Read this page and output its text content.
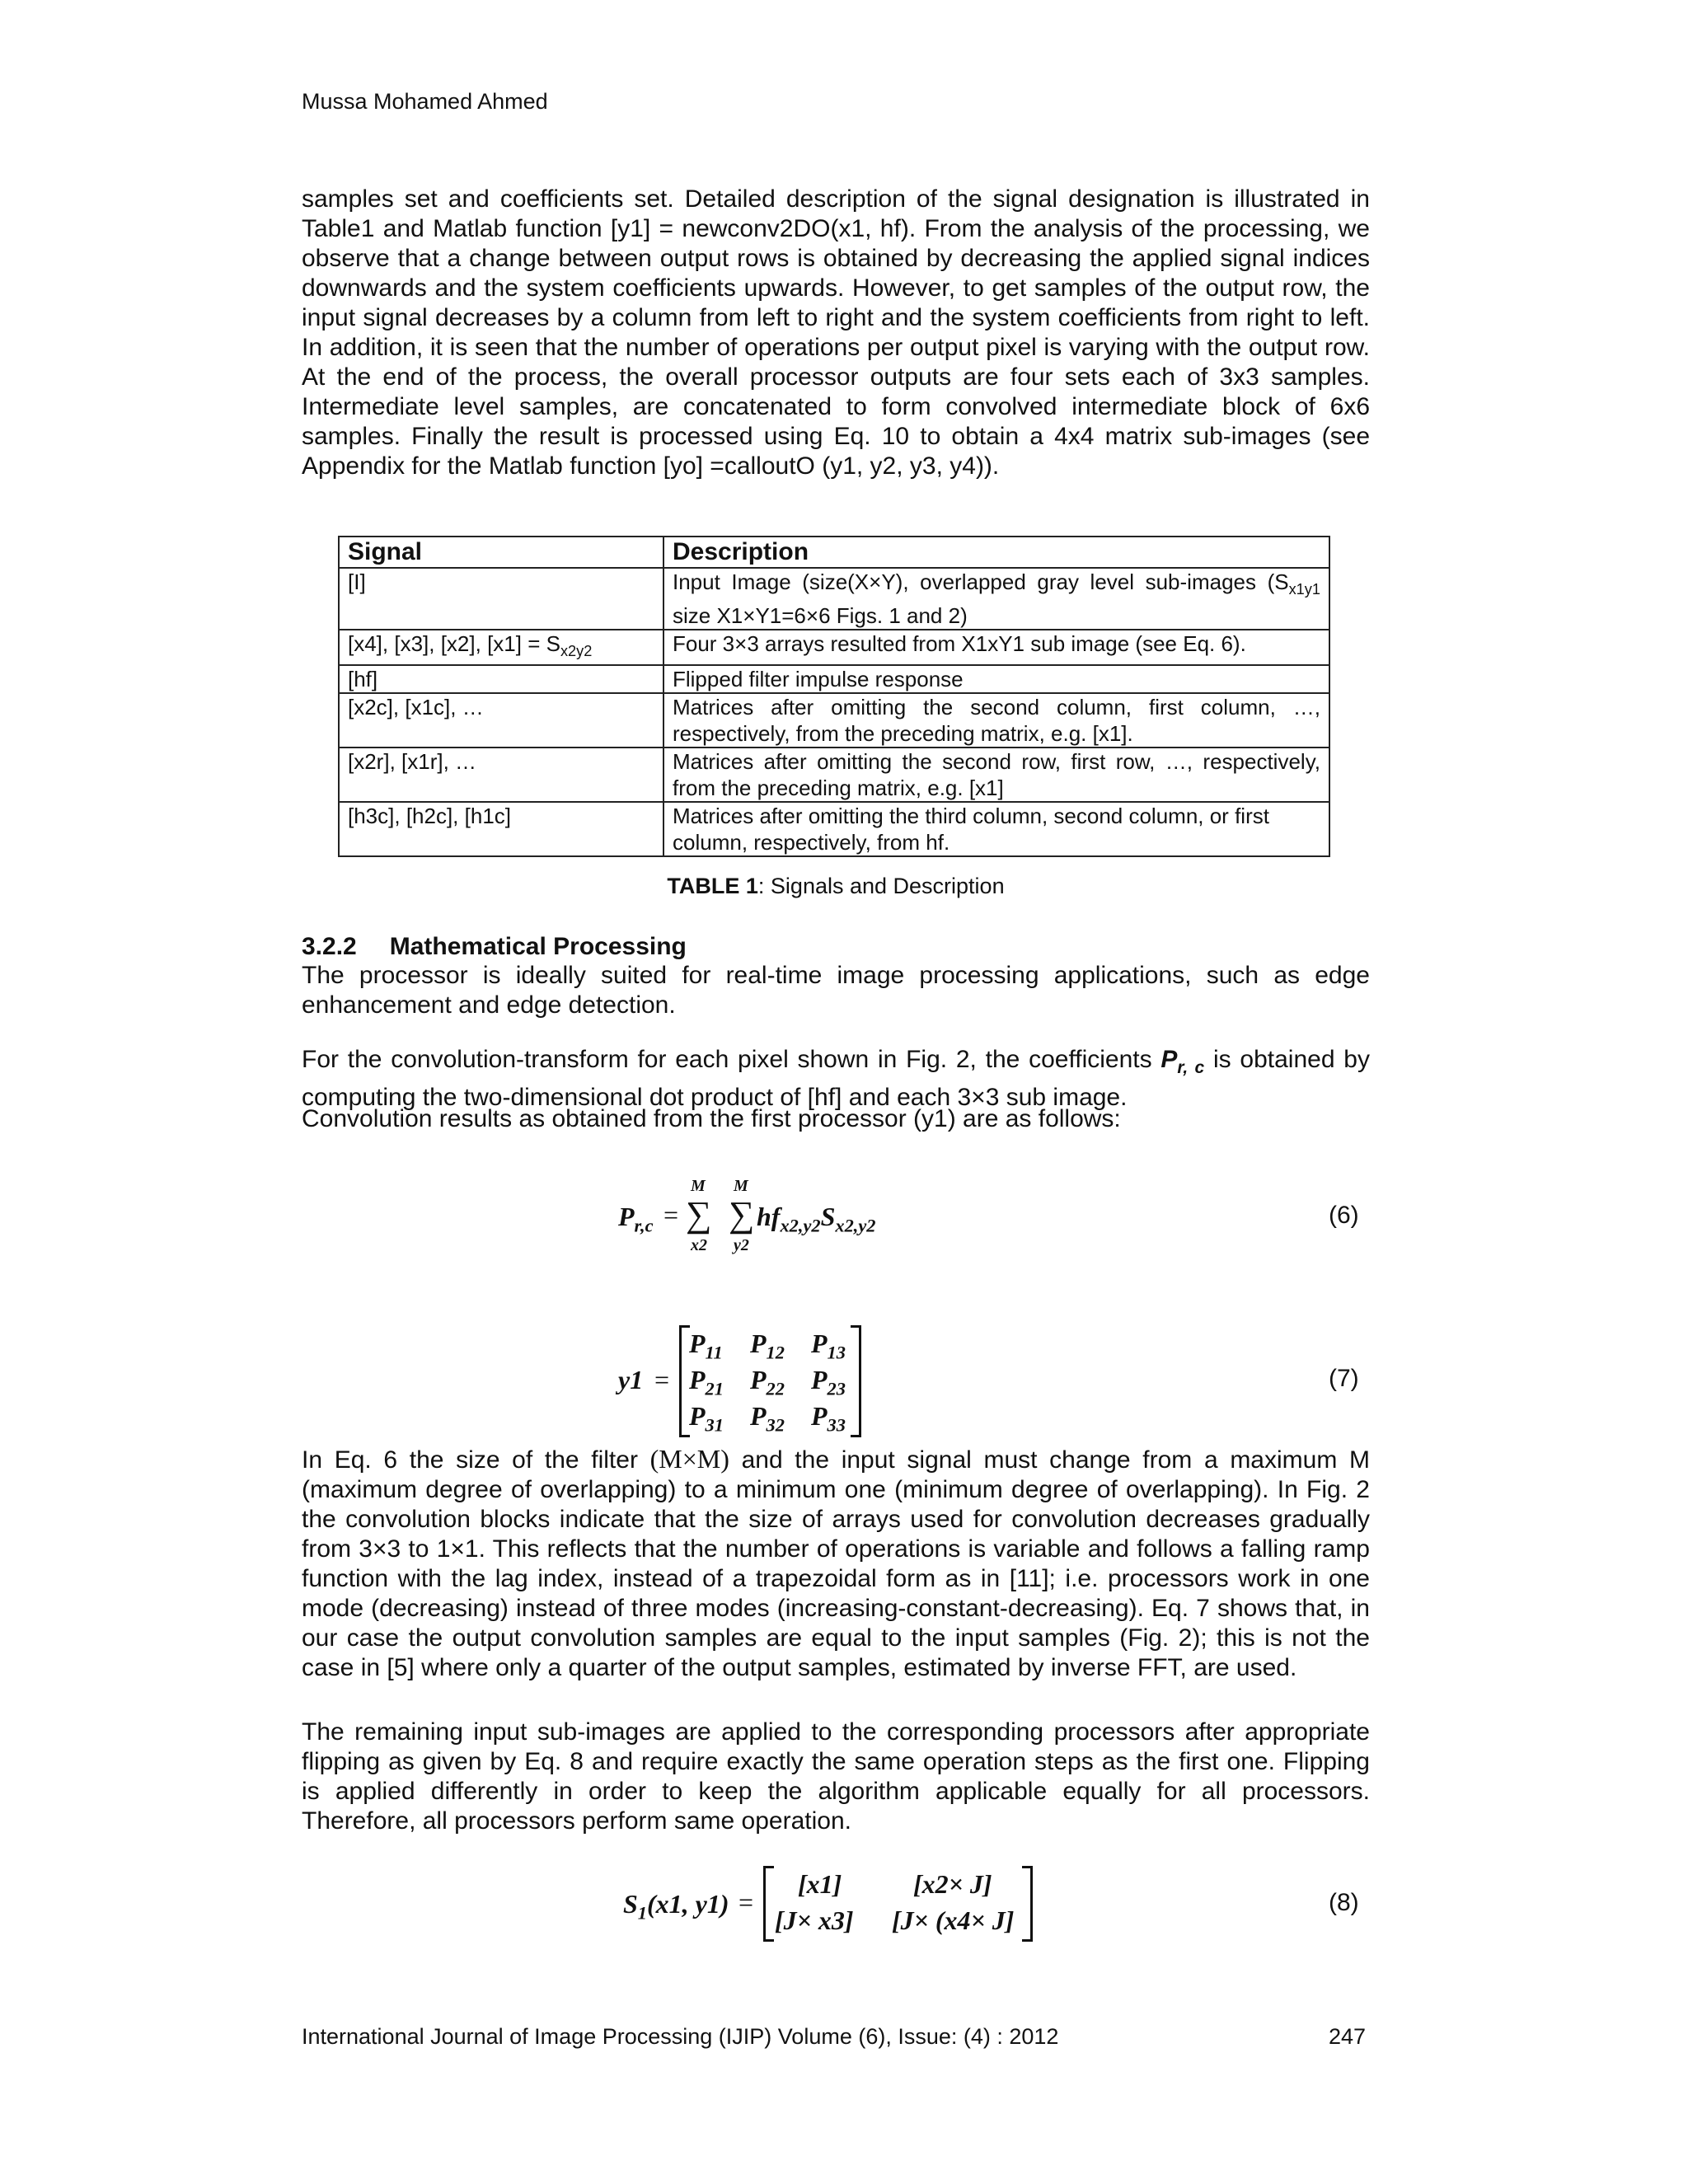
Mussa Mohamed Ahmed
samples set and coefficients set. Detailed description of the signal designation is illustrated in Table1 and Matlab function [y1] = newconv2DO(x1, hf). From the analysis of the processing, we observe that a change between output rows is obtained by decreasing the applied signal indices downwards and the system coefficients upwards. However, to get samples of the output row, the input signal decreases by a column from left to right and the system coefficients from right to left. In addition, it is seen that the number of operations per output pixel is varying with the output row. At the end of the process, the overall processor outputs are four sets each of 3x3 samples. Intermediate level samples, are concatenated to form convolved intermediate block of 6x6 samples. Finally the result is processed using Eq. 10 to obtain a 4x4 matrix sub-images (see Appendix for the Matlab function [yo] =calloutO (y1, y2, y3, y4)).
Signal	Description
[I]	Input Image (size(X×Y), overlapped gray level sub-images ($S_{x1y1}$ size X1×Y1=6×6 Figs. 1 and 2)
[x4], [x3], [x2], $[x1] = S_{x2y2}$	Four 3×3 arrays resulted from X1xY1 sub image (see Eq. 6).
[hf]	Flipped filter impulse response
[x2c], [x1c], …	Matrices after omitting the second column, first column, …, respectively, from the preceding matrix, e.g. [x1].
[x2r], [x1r], …	Matrices after omitting the second row, first row, …, respectively, from the preceding matrix, e.g. [x1]
[h3c], [h2c], [h1c]	Matrices after omitting the third column, second column, or first column, respectively, from hf.
TABLE 1: Signals and Description
3.2.2 Mathematical Processing
The processor is ideally suited for real-time image processing applications, such as edge enhancement and edge detection.
For the convolution-transform for each pixel shown in Fig. 2, the coefficients $P_{r, c}$ is obtained by computing the two-dimensional dot product of [hf] and each 3×3 sub image.
Convolution results as obtained from the first processor (y1) are as follows:
$P_{r,c}$ =
M
∑
x2
M
∑
y2
$hf_{x2,y2}S_{x2,y2}$	(6)
y1 =
$P_{11}$ $P_{12}$ $P_{13}$
$P_{21}$ $P_{22}$ $P_{23}$
$P_{31}$ $P_{32}$ $P_{33}$
(7)
In Eq. 6 the size of the filter (M×M) and the input signal must change from a maximum M (maximum degree of overlapping) to a minimum one (minimum degree of overlapping). In Fig. 2 the convolution blocks indicate that the size of arrays used for convolution decreases gradually from 3×3 to 1×1. This reflects that the number of operations is variable and follows a falling ramp function with the lag index, instead of a trapezoidal form as in [11]; i.e. processors work in one mode (decreasing) instead of three modes (increasing-constant-decreasing). Eq. 7 shows that, in our case the output convolution samples are equal to the input samples (Fig. 2); this is not the case in [5] where only a quarter of the output samples, estimated by inverse FFT, are used.
The remaining input sub-images are applied to the corresponding processors after appropriate flipping as given by Eq. 8 and require exactly the same operation steps as the first one. Flipping is applied differently in order to keep the algorithm applicable equally for all processors. Therefore, all processors perform same operation.
$S_1(x1$, y1) =
[x1]	[x2× J]
[J× x3] [J× (x4× J]
(8)
International Journal of Image Processing (IJIP) Volume (6), Issue: (4) : 2012	247
